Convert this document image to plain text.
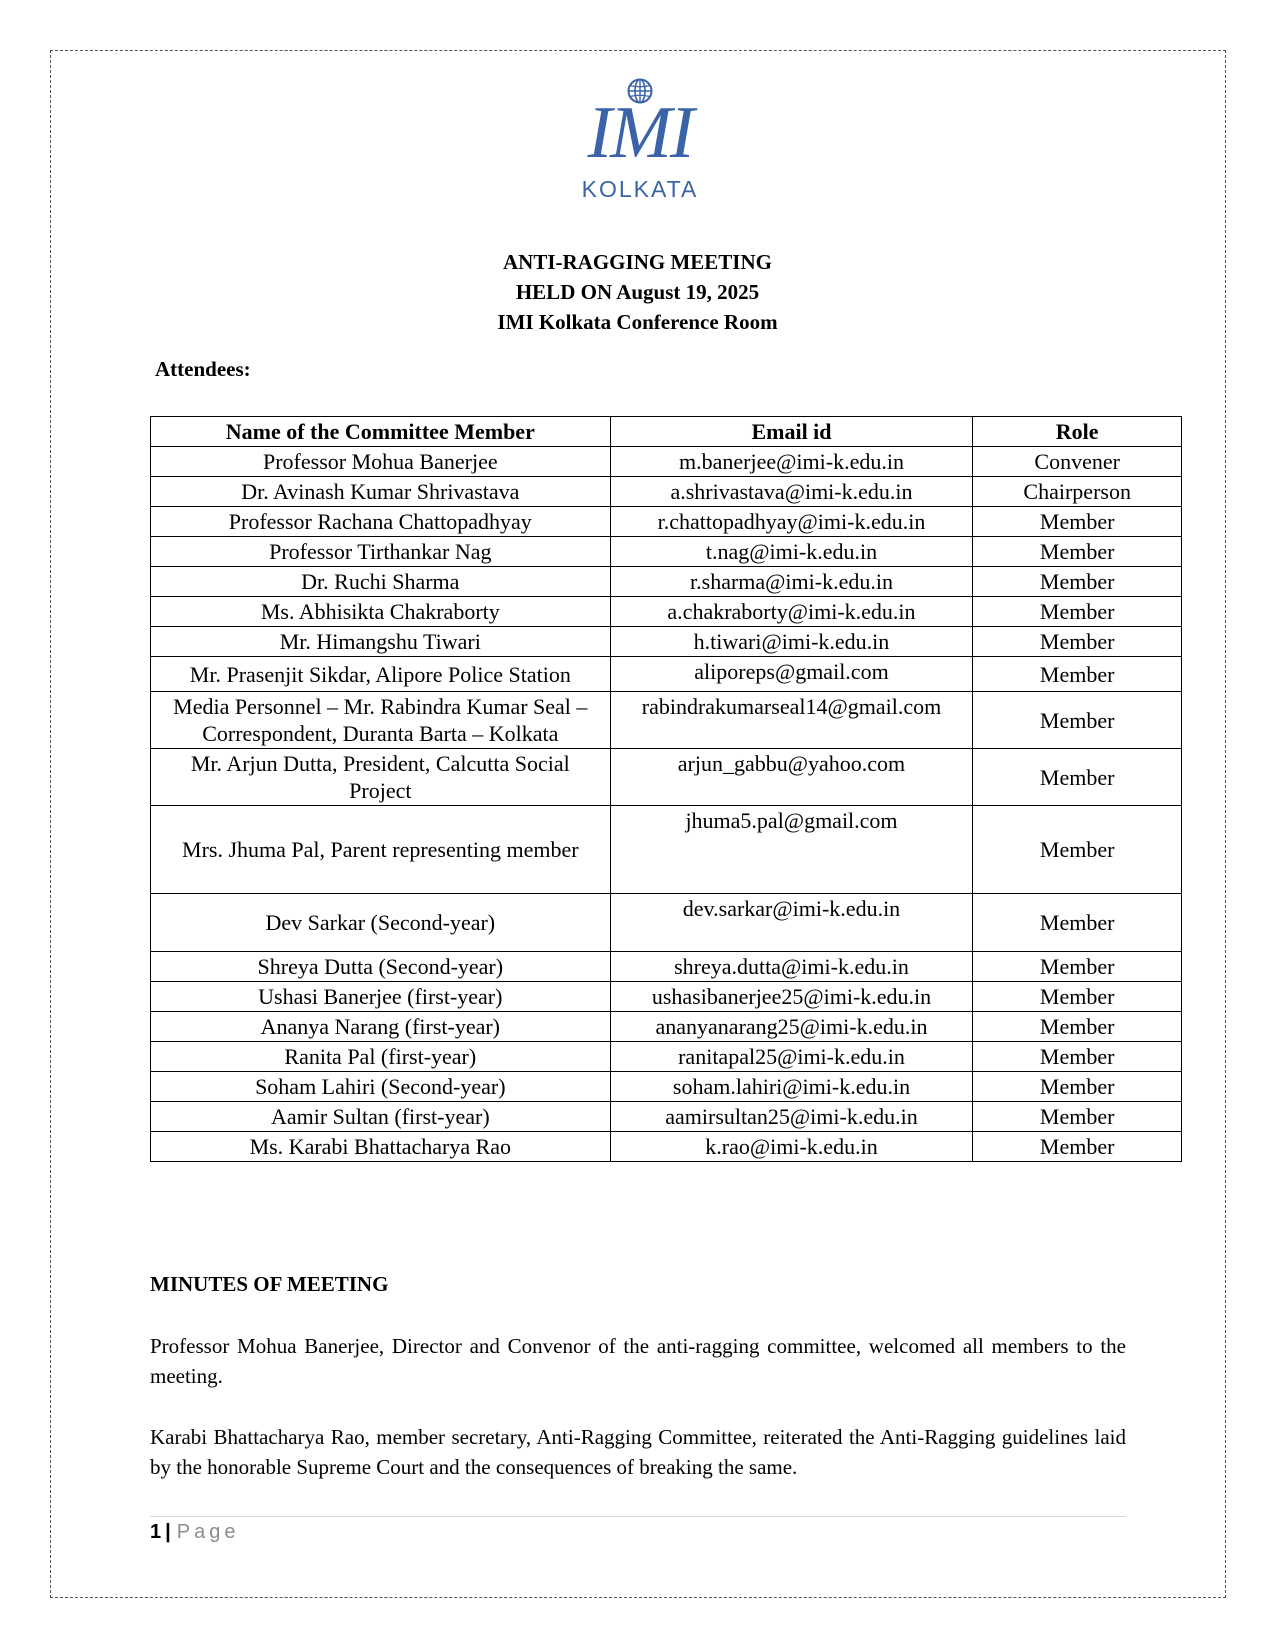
IMI
KOLKATA
ANTI-RAGGING MEETING
HELD ON August 19, 2025
IMI Kolkata Conference Room
Attendees:
Name of the Committee Member	Email id	Role
Professor Mohua Banerjee	m.banerjee@imi-k.edu.in	Convener
Dr. Avinash Kumar Shrivastava	a.shrivastava@imi-k.edu.in	Chairperson
Professor Rachana Chattopadhyay	r.chattopadhyay@imi-k.edu.in	Member
Professor Tirthankar Nag	t.nag@imi-k.edu.in	Member
Dr. Ruchi Sharma	r.sharma@imi-k.edu.in	Member
Ms. Abhisikta Chakraborty	a.chakraborty@imi-k.edu.in	Member
Mr. Himangshu Tiwari	h.tiwari@imi-k.edu.in	Member
Mr. Prasenjit Sikdar, Alipore Police Station	aliporeps@gmail.com	Member
Media Personnel – Mr. Rabindra Kumar Seal – Correspondent, Duranta Barta – Kolkata	rabindrakumarseal14@gmail.com	Member
Mr. Arjun Dutta, President, Calcutta Social Project	arjun_gabbu@yahoo.com	Member
Mrs. Jhuma Pal, Parent representing member	jhuma5.pal@gmail.com	Member
Dev Sarkar (Second-year)	dev.sarkar@imi-k.edu.in	Member
Shreya Dutta (Second-year)	shreya.dutta@imi-k.edu.in	Member
Ushasi Banerjee (first-year)	ushasibanerjee25@imi-k.edu.in	Member
Ananya Narang (first-year)	ananyanarang25@imi-k.edu.in	Member
Ranita Pal (first-year)	ranitapal25@imi-k.edu.in	Member
Soham Lahiri (Second-year)	soham.lahiri@imi-k.edu.in	Member
Aamir Sultan (first-year)	aamirsultan25@imi-k.edu.in	Member
Ms. Karabi Bhattacharya Rao	k.rao@imi-k.edu.in	Member
MINUTES OF MEETING
Professor Mohua Banerjee, Director and Convenor of the anti-ragging committee, welcomed all members to the meeting.
Karabi Bhattacharya Rao, member secretary, Anti-Ragging Committee, reiterated the Anti-Ragging guidelines laid by the honorable Supreme Court and the consequences of breaking the same.
1 | Page
